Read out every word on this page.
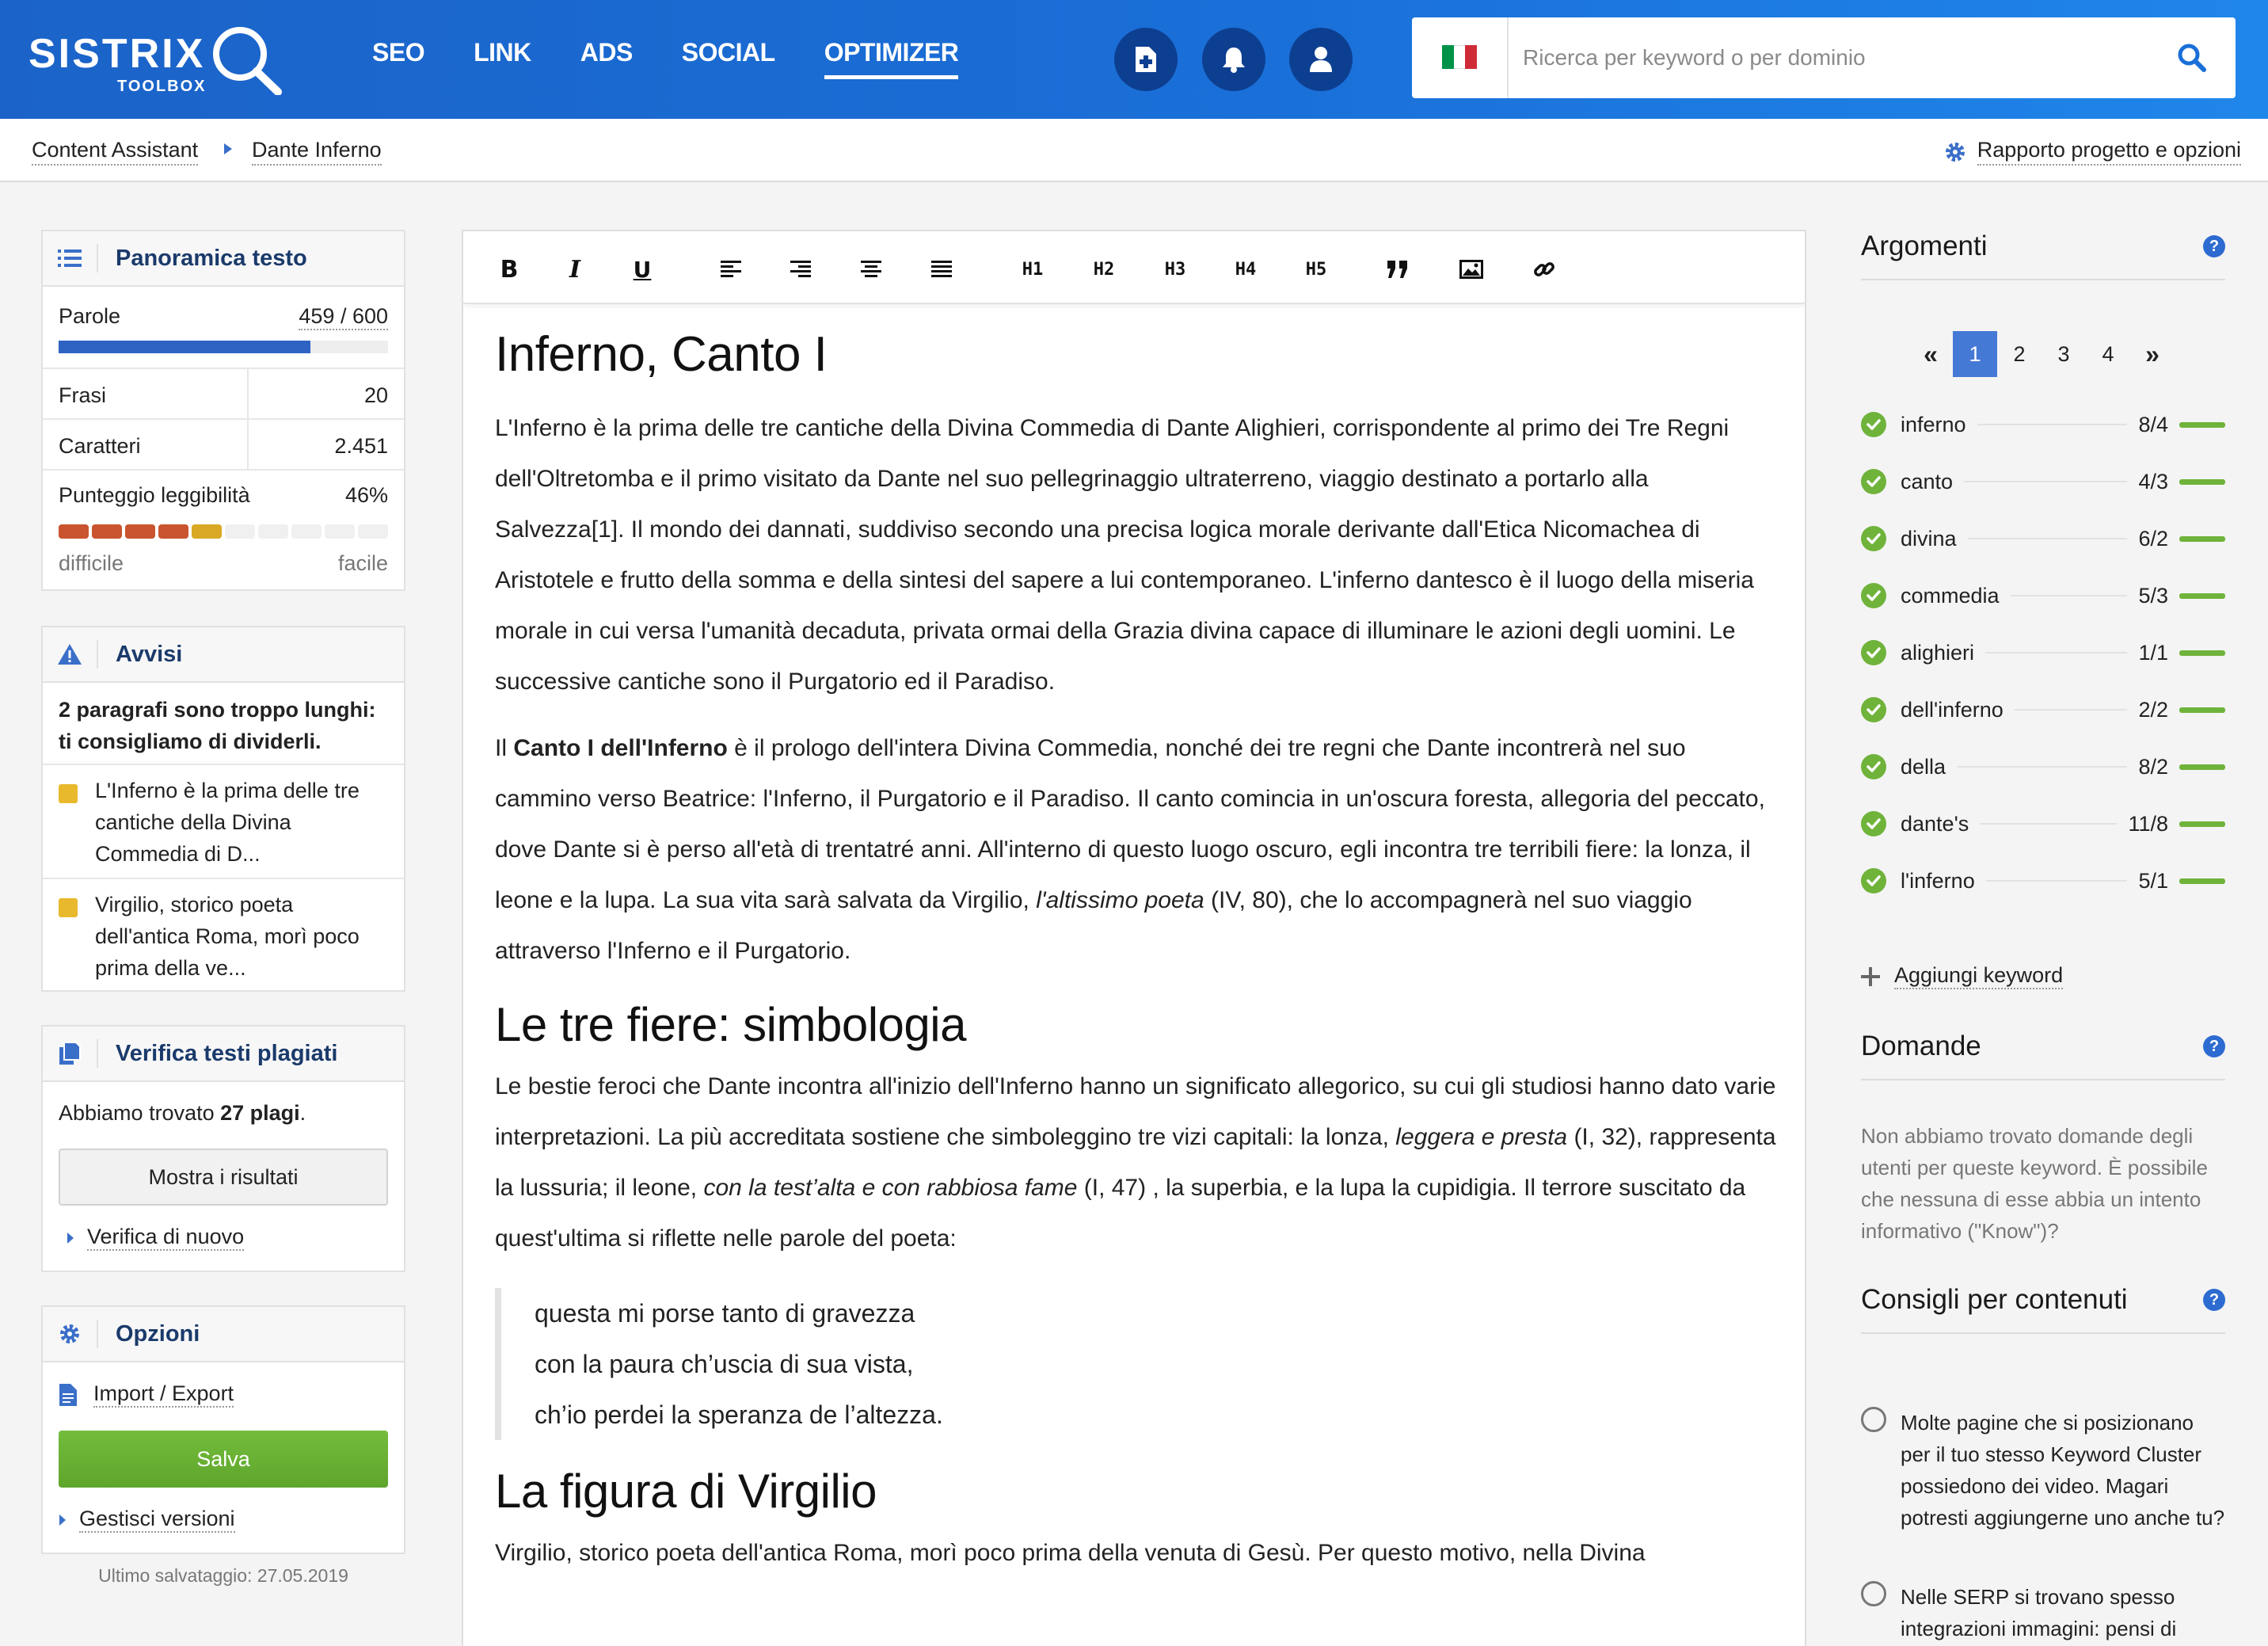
SISTRIX
TOOLBOX
SEO LINK ADS SOCIAL OPTIMIZER
Ricerca per keyword o per dominio
Content Assistant	Dante Inferno	Rapporto progetto e opzioni
Panoramica testo
Parole	459 / 600
Frasi	20
Caratteri	2.451
Punteggio leggibilità	46%
difficile	facile
Avvisi
2 paragrafi sono troppo lunghi: ti consigliamo di dividerli.
L'Inferno è la prima delle tre cantiche della Divina Commedia di D...
Virgilio, storico poeta dell'antica Roma, morì poco prima della ve...
Verifica testi plagiati
Abbiamo trovato 27 plagi.
Mostra i risultati
Verifica di nuovo
Opzioni
Import / Export
Salva
Gestisci versioni
Ultimo salvataggio: 27.05.2019
B I U	H1	H2	H3	H4	H5
Inferno, Canto I

L'Inferno è la prima delle tre cantiche della Divina Commedia di Dante Alighieri, corrispondente al primo dei Tre Regni dell'Oltretomba e il primo visitato da Dante nel suo pellegrinaggio ultraterreno, viaggio destinato a portarlo alla Salvezza[1]. Il mondo dei dannati, suddiviso secondo una precisa logica morale derivante dall'Etica Nicomachea di Aristotele e frutto della somma e della sintesi del sapere a lui contemporaneo. L'inferno dantesco è il luogo della miseria morale in cui versa l'umanità decaduta, privata ormai della Grazia divina capace di illuminare le azioni degli uomini. Le successive cantiche sono il Purgatorio ed il Paradiso.

Il Canto I dell'Inferno è il prologo dell'intera Divina Commedia, nonché dei tre regni che Dante incontrerà nel suo cammino verso Beatrice: l'Inferno, il Purgatorio e il Paradiso. Il canto comincia in un'oscura foresta, allegoria del peccato, dove Dante si è perso all'età di trentatré anni. All'interno di questo luogo oscuro, egli incontra tre terribili fiere: la lonza, il leone e la lupa. La sua vita sarà salvata da Virgilio, l'altissimo poeta (IV, 80), che lo accompagnerà nel suo viaggio attraverso l'Inferno e il Purgatorio.

Le tre fiere: simbologia

Le bestie feroci che Dante incontra all'inizio dell'Inferno hanno un significato allegorico, su cui gli studiosi hanno dato varie interpretazioni. La più accreditata sostiene che simboleggino tre vizi capitali: la lonza, leggera e presta (I, 32), rappresenta la lussuria; il leone, con la test’alta e con rabbiosa fame (I, 47) , la superbia, e la lupa la cupidigia. Il terrore suscitato da quest'ultima si riflette nelle parole del poeta:

questa mi porse tanto di gravezza
con la paura ch’uscia di sua vista,
ch’io perdei la speranza de l’altezza.
La figura di Virgilio

Virgilio, storico poeta dell'antica Roma, morì poco prima della venuta di Gesù. Per questo motivo, nella Divina

Argomenti	?
«	1	2	3	4	»
inferno	8/4
canto	4/3
divina	6/2
commedia	5/3
alighieri	1/1
dell'inferno	2/2
della	8/2
dante's	11/8
l'inferno	5/1
Aggiungi keyword
Domande	?
Non abbiamo trovato domande degli utenti per queste keyword. È possibile che nessuna di esse abbia un intento informativo ("Know")?
Consigli per contenuti	?
Molte pagine che si posizionano per il tuo stesso Keyword Cluster possiedono dei video. Magari potresti aggiungerne uno anche tu?
Nelle SERP si trovano spesso integrazioni immagini: pensi di
